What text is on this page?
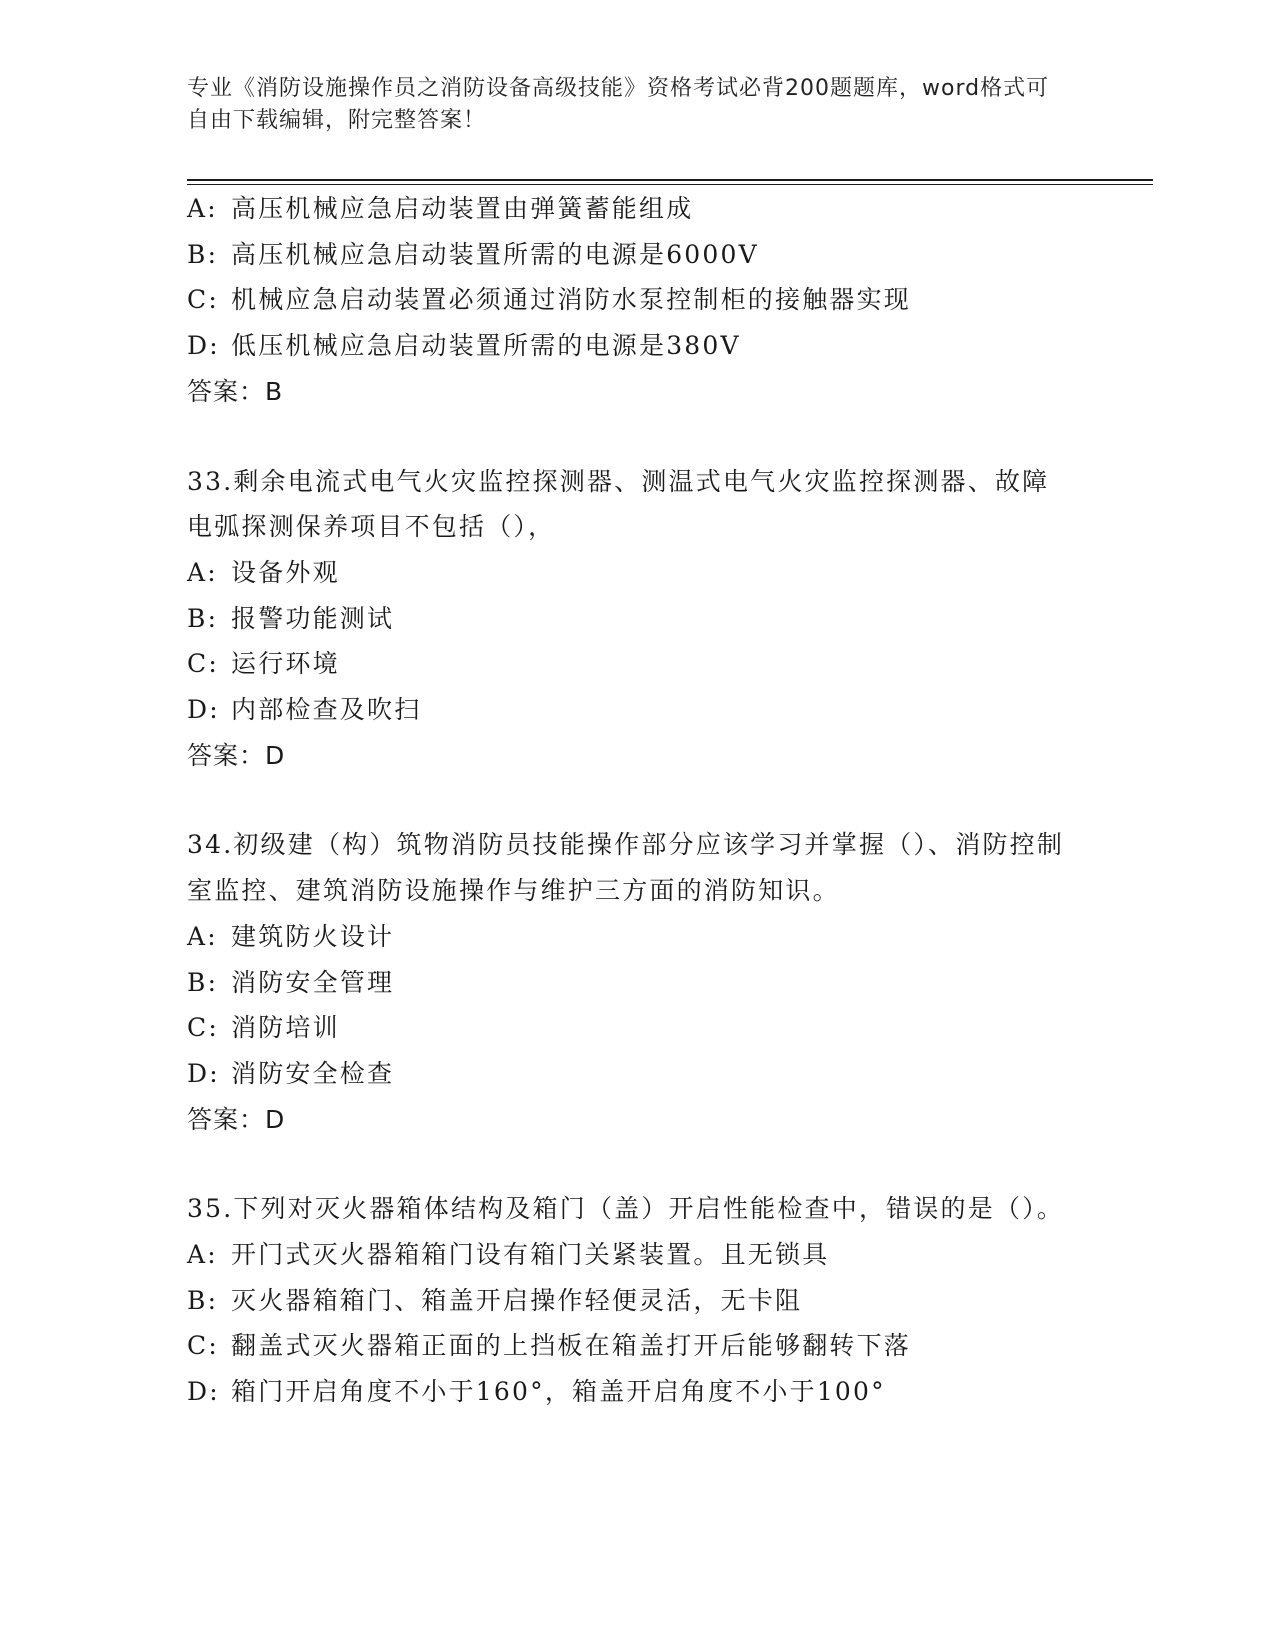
专业《消防设施操作员之消防设备高级技能》资格考试必背200题题库，word格式可自由下载编辑，附完整答案！
A: 高压机械应急启动装置由弹簧蓄能组成
B: 高压机械应急启动装置所需的电源是6000V
C: 机械应急启动装置必须通过消防水泵控制柜的接触器实现
D: 低压机械应急启动装置所需的电源是380V
答案：B
33.剩余电流式电气火灾监控探测器、测温式电气火灾监控探测器、故障电弧探测保养项目不包括（），
A: 设备外观
B: 报警功能测试
C: 运行环境
D: 内部检查及吹扫
答案：D
34.初级建（构）筑物消防员技能操作部分应该学习并掌握（）、消防控制室监控、建筑消防设施操作与维护三方面的消防知识。
A: 建筑防火设计
B: 消防安全管理
C: 消防培训
D: 消防安全检查
答案：D
35.下列对灭火器箱体结构及箱门（盖）开启性能检查中，错误的是（）。
A: 开门式灭火器箱箱门设有箱门关紧装置。且无锁具
B: 灭火器箱箱门、箱盖开启操作轻便灵活，无卡阻
C: 翻盖式灭火器箱正面的上挡板在箱盖打开后能够翻转下落
D: 箱门开启角度不小于160°，箱盖开启角度不小于100°
